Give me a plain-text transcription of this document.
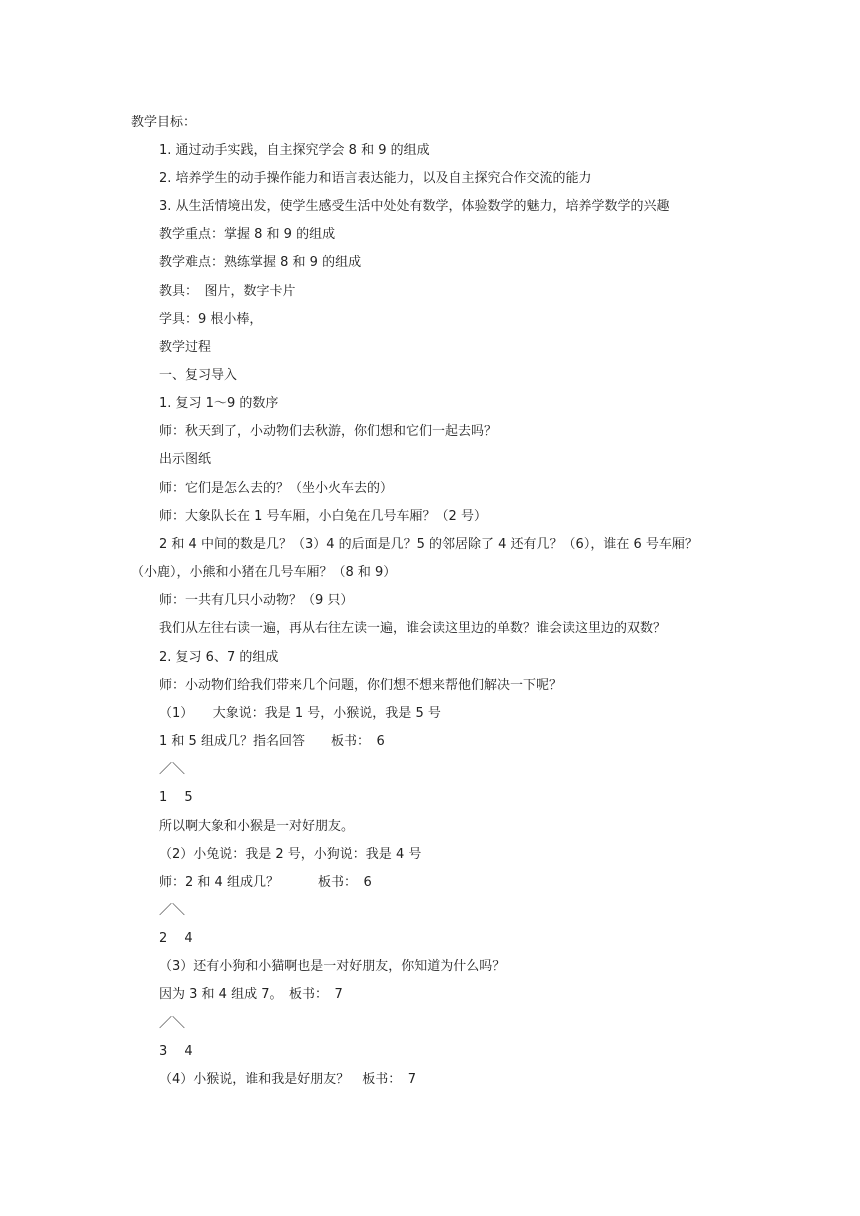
教学目标：
1. 通过动手实践，自主探究学会 8 和 9 的组成
2. 培养学生的动手操作能力和语言表达能力，以及自主探究合作交流的能力
3. 从生活情境出发，使学生感受生活中处处有数学，体验数学的魅力，培养学数学的兴趣
教学重点：掌握 8 和 9 的组成
教学难点：熟练掌握 8 和 9 的组成
教具：　图片，数字卡片
学具：9 根小棒，
教学过程
一、复习导入
1. 复习 1～9 的数序
师：秋天到了，小动物们去秋游，你们想和它们一起去吗？
出示图纸
师：它们是怎么去的？（坐小火车去的）
师：大象队长在 1 号车厢，小白兔在几号车厢？（2 号）
2 和 4 中间的数是几？（3）4 的后面是几？5 的邻居除了 4 还有几？（6），谁在 6 号车厢？
（小鹿），小熊和小猪在几号车厢？（8 和 9）
师：一共有几只小动物？（9 只）
我们从左往右读一遍，再从右往左读一遍，谁会读这里边的单数？谁会读这里边的双数？
2. 复习 6、7 的组成
师：小动物们给我们带来几个问题，你们想不想来帮他们解决一下呢？
（1）　　大象说：我是 1 号，小猴说，我是 5 号
1 和 5 组成几？指名回答　　板书：　6
／＼
1　 5
所以啊大象和小猴是一对好朋友。
（2）小兔说：我是 2 号，小狗说：我是 4 号
师：2 和 4 组成几？　　　板书：　6
／＼
2　 4
（3）还有小狗和小猫啊也是一对好朋友，你知道为什么吗？
因为 3 和 4 组成 7。　板书：　7
／＼
3　 4
（4）小猴说，谁和我是好朋友？　板书：　7
